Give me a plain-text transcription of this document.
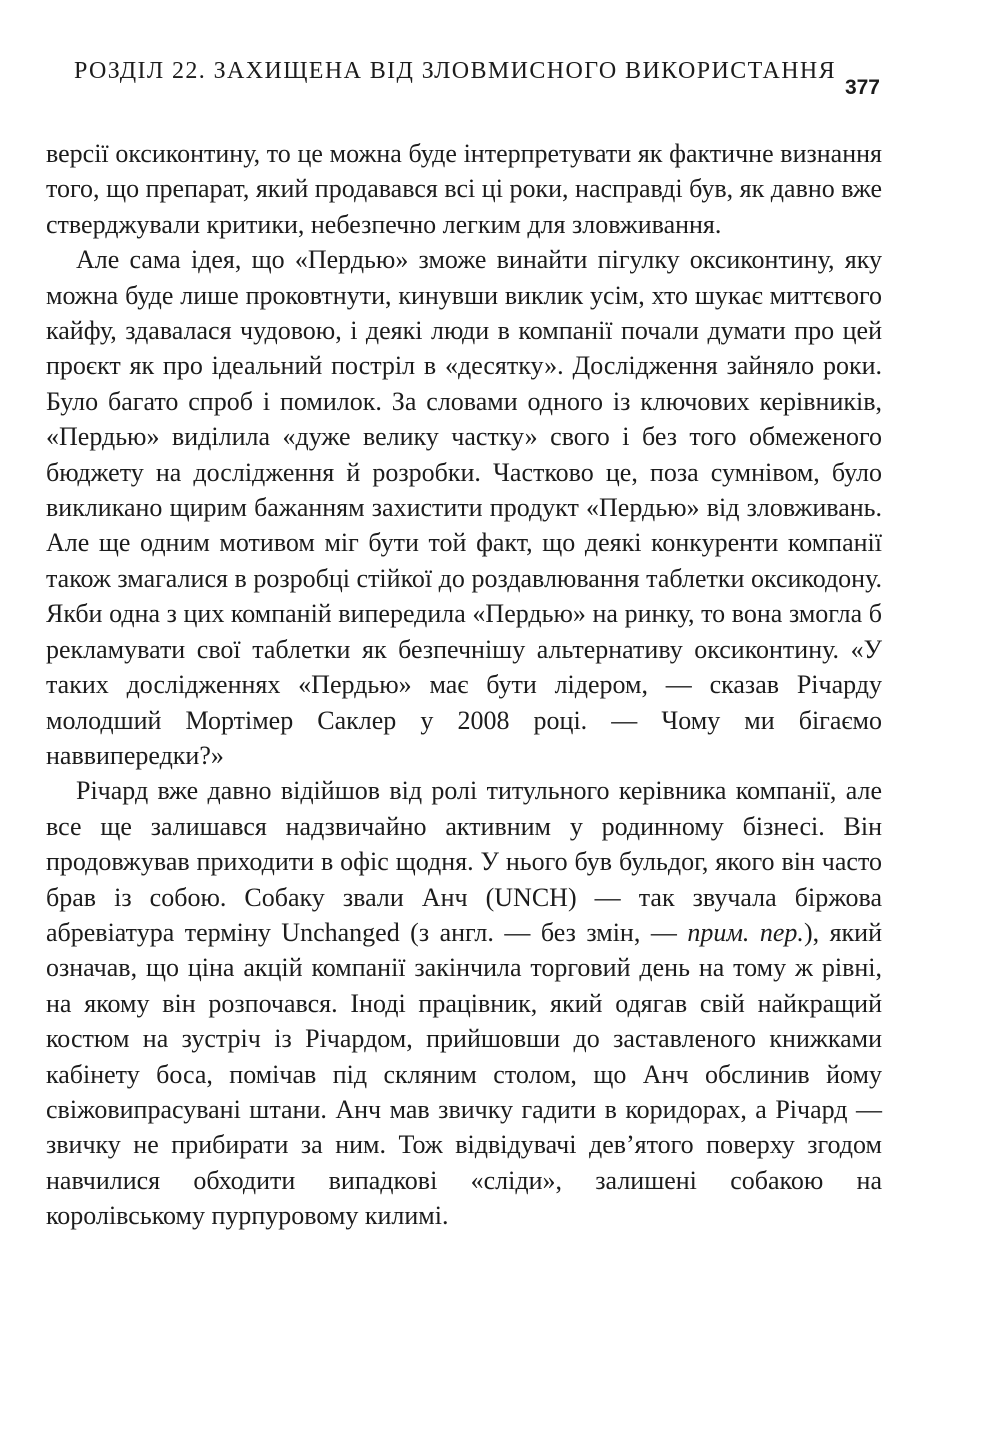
РОЗДІЛ 22. ЗАХИЩЕНА ВІД ЗЛОВМИСНОГО ВИКОРИСТАННЯ
377

версії оксиконтину, то це можна буде інтерпретувати як фактичне визнання того, що препарат, який продавався всі ці роки, насправді був, як давно вже стверджували критики, небезпечно легким для зловживання.

Але сама ідея, що «Пердью» зможе винайти пігулку оксиконтину, яку можна буде лише проковтнути, кинувши виклик усім, хто шукає миттєвого кайфу, здавалася чудовою, і деякі люди в компанії почали думати про цей проєкт як про ідеальний постріл в «десятку». Дослідження зайняло роки. Було багато спроб і помилок. За словами одного із ключових керівників, «Пердью» виділила «дуже велику частку» свого і без того обмеженого бюджету на дослідження й розробки. Частково це, поза сумнівом, було викликано щирим бажанням захистити продукт «Пердью» від зловживань. Але ще одним мотивом міг бути той факт, що деякі конкуренти компанії також змагалися в розробці стійкої до роздавлювання таблетки оксикодону. Якби одна з цих компаній випередила «Пердью» на ринку, то вона змогла б рекламувати свої таблетки як безпечнішу альтернативу оксиконтину. «У таких дослідженнях «Пердью» має бути лідером, — сказав Річарду молодший Мортімер Саклер у 2008 році. — Чому ми бігаємо наввипередки?»

Річард вже давно відійшов від ролі титульного керівника компанії, але все ще залишався надзвичайно активним у родинному бізнесі. Він продовжував приходити в офіс щодня. У нього був бульдог, якого він часто брав із собою. Собаку звали Анч (UNCH) — так звучала біржова абревіатура терміну Unchanged (з англ. — без змін, — прим. пер.), який означав, що ціна акцій компанії закінчила торговий день на тому ж рівні, на якому він розпочався. Іноді працівник, який одягав свій найкращий костюм на зустріч із Річардом, прийшовши до заставленого книжками кабінету боса, помічав під скляним столом, що Анч обслинив йому свіжовипрасувані штани. Анч мав звичку гадити в коридорах, а Річард — звичку не прибирати за ним. Тож відвідувачі дев’ятого поверху згодом навчилися обходити випадкові «сліди», залишені собакою на королівському пурпуровому килимі.
